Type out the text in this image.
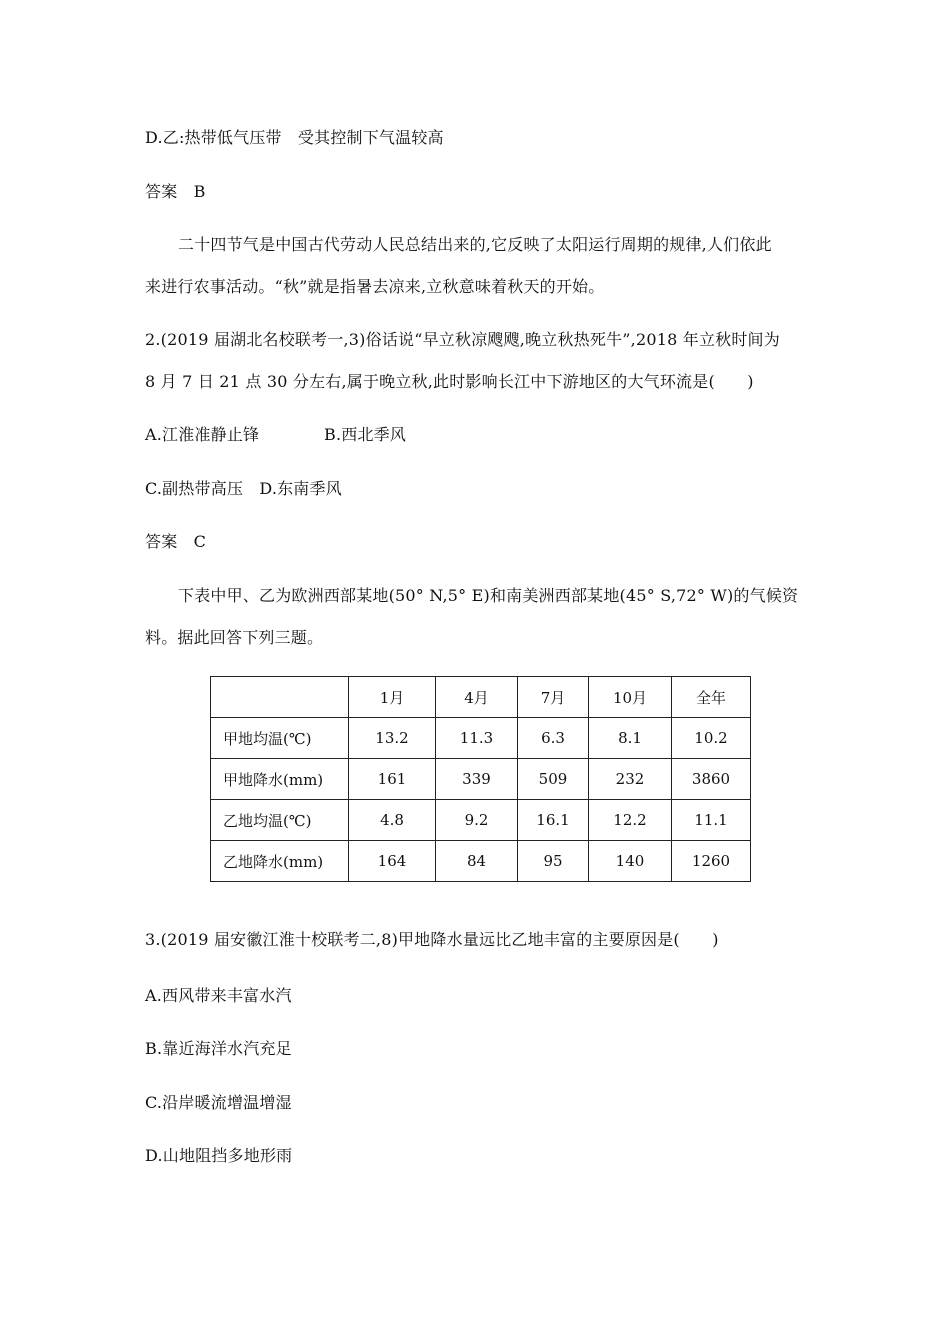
D.乙:热带低气压带　受其控制下气温较高
答案　B
二十四节气是中国古代劳动人民总结出来的,它反映了太阳运行周期的规律,人们依此
来进行农事活动。“秋”就是指暑去凉来,立秋意味着秋天的开始。
2.(2019 届湖北名校联考一,3)俗话说“早立秋凉飕飕,晚立秋热死牛”,2018 年立秋时间为
8 月 7 日 21 点 30 分左右,属于晚立秋,此时影响长江中下游地区的大气环流是(　　)
A.江淮准静止锋　　　　B.西北季风
C.副热带高压　D.东南季风
答案　C
下表中甲、乙为欧洲西部某地(50° N,5° E)和南美洲西部某地(45° S,72° W)的气候资
料。据此回答下列三题。
	1月	4月	7月	10月	全年
甲地均温(℃)	13.2	11.3	6.3	8.1	10.2
甲地降水(mm)	161	339	509	232	3860
乙地均温(℃)	4.8	9.2	16.1	12.2	11.1
乙地降水(mm)	164	84	95	140	1260
3.(2019 届安徽江淮十校联考二,8)甲地降水量远比乙地丰富的主要原因是(　　)
A.西风带来丰富水汽
B.靠近海洋水汽充足
C.沿岸暖流增温增湿
D.山地阻挡多地形雨
